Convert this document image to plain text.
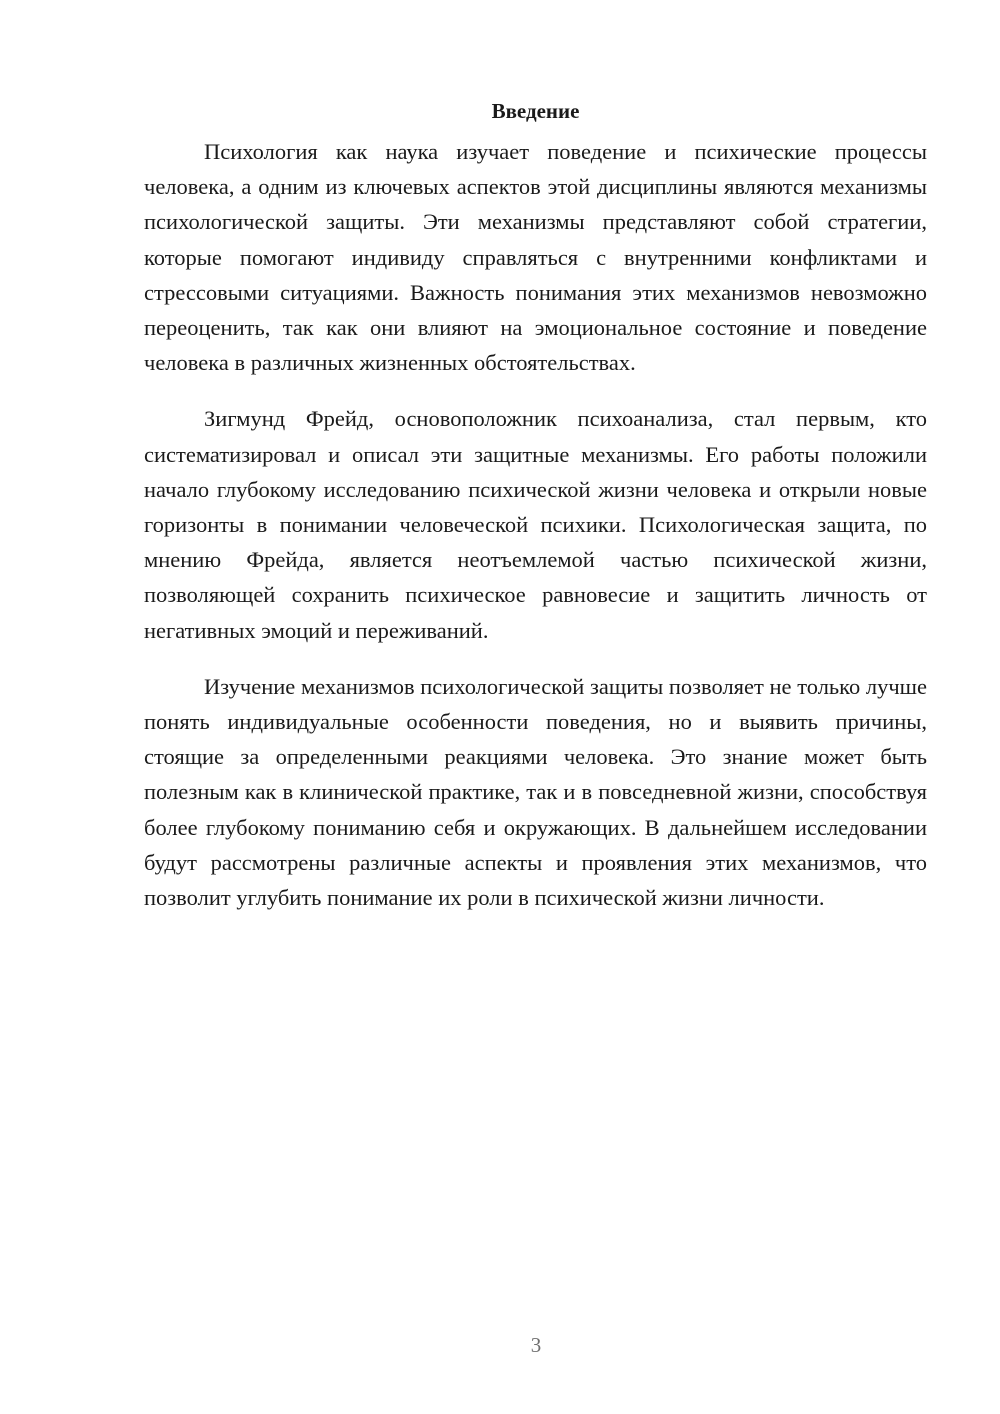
Введение

Психология как наука изучает поведение и психические процессы человека, а одним из ключевых аспектов этой дисциплины являются механизмы психологической защиты. Эти механизмы представляют собой стратегии, которые помогают индивиду справляться с внутренними конфликтами и стрессовыми ситуациями. Важность понимания этих механизмов невозможно переоценить, так как они влияют на эмоциональное состояние и поведение человека в различных жизненных обстоятельствах.

Зигмунд Фрейд, основоположник психоанализа, стал первым, кто систематизировал и описал эти защитные механизмы. Его работы положили начало глубокому исследованию психической жизни человека и открыли новые горизонты в понимании человеческой психики. Психологическая защита, по мнению Фрейда, является неотъемлемой частью психической жизни, позволяющей сохранить психическое равновесие и защитить личность от негативных эмоций и переживаний.

Изучение механизмов психологической защиты позволяет не только лучше понять индивидуальные особенности поведения, но и выявить причины, стоящие за определенными реакциями человека. Это знание может быть полезным как в клинической практике, так и в повседневной жизни, способствуя более глубокому пониманию себя и окружающих. В дальнейшем исследовании будут рассмотрены различные аспекты и проявления этих механизмов, что позволит углубить понимание их роли в психической жизни личности.

3
